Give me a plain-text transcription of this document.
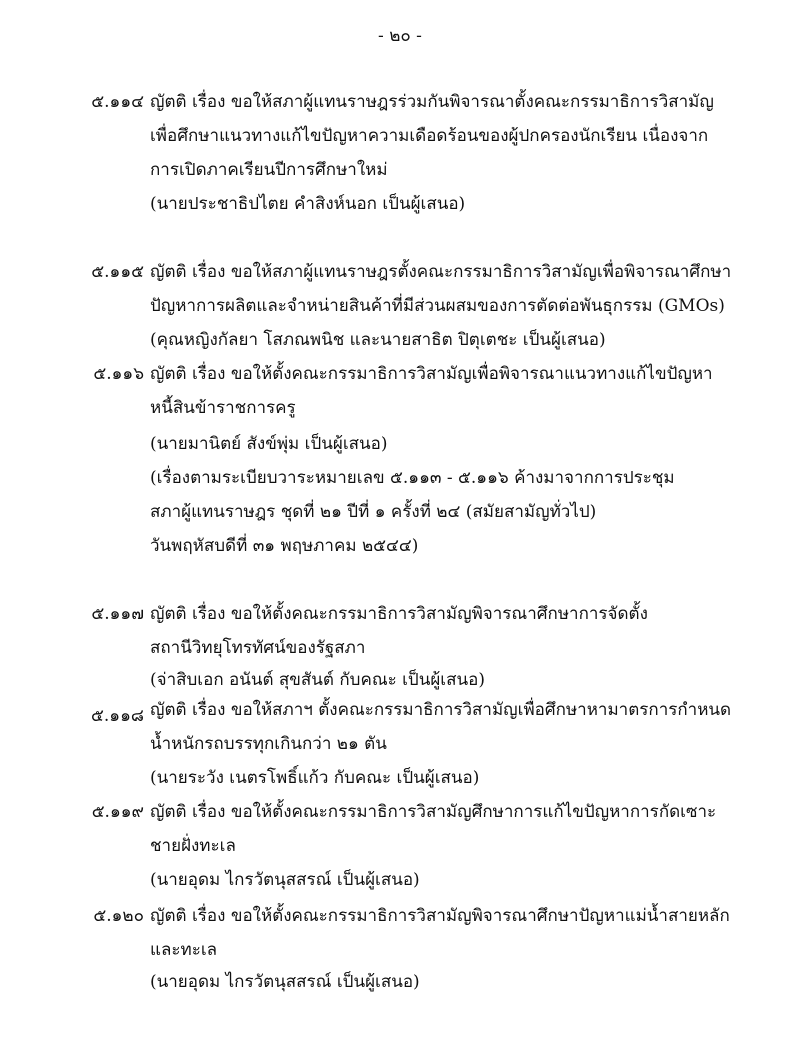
- ๒๐ -
๕.๑๑๔ ญัตติ เรื่อง ขอให้สภาผู้แทนราษฎรร่วมกันพิจารณาตั้งคณะกรรมาธิการวิสามัญ
เพื่อศึกษาแนวทางแก้ไขปัญหาความเดือดร้อนของผู้ปกครองนักเรียน เนื่องจาก
การเปิดภาคเรียนปีการศึกษาใหม่
(นายประชาธิปไตย คำสิงห์นอก เป็นผู้เสนอ)
๕.๑๑๕ ญัตติ เรื่อง ขอให้สภาผู้แทนราษฎรตั้งคณะกรรมาธิการวิสามัญเพื่อพิจารณาศึกษา
ปัญหาการผลิตและจำหน่ายสินค้าที่มีส่วนผสมของการตัดต่อพันธุกรรม (GMOs)
(คุณหญิงกัลยา โสภณพนิช และนายสาธิต ปิตุเตชะ เป็นผู้เสนอ)
๕.๑๑๖ ญัตติ เรื่อง ขอให้ตั้งคณะกรรมาธิการวิสามัญเพื่อพิจารณาแนวทางแก้ไขปัญหา
หนี้สินข้าราชการครู
(นายมานิตย์ สังข์พุ่ม เป็นผู้เสนอ)
(เรื่องตามระเบียบวาระหมายเลข ๕.๑๑๓ - ๕.๑๑๖ ค้างมาจากการประชุม
สภาผู้แทนราษฎร ชุดที่ ๒๑ ปีที่ ๑ ครั้งที่ ๒๔ (สมัยสามัญทั่วไป)
วันพฤหัสบดีที่ ๓๑ พฤษภาคม ๒๕๔๔)
๕.๑๑๗ ญัตติ เรื่อง ขอให้ตั้งคณะกรรมาธิการวิสามัญพิจารณาศึกษาการจัดตั้ง
สถานีวิทยุโทรทัศน์ของรัฐสภา
(จ่าสิบเอก อนันต์ สุขสันต์ กับคณะ เป็นผู้เสนอ)
๕.๑๑๘ ญัตติ เรื่อง ขอให้สภาฯ ตั้งคณะกรรมาธิการวิสามัญเพื่อศึกษาหามาตรการกำหนด
น้ำหนักรถบรรทุกเกินกว่า ๒๑ ตัน
(นายระวัง เนตรโพธิ์แก้ว กับคณะ เป็นผู้เสนอ)
๕.๑๑๙ ญัตติ เรื่อง ขอให้ตั้งคณะกรรมาธิการวิสามัญศึกษาการแก้ไขปัญหาการกัดเซาะ
ชายฝั่งทะเล
(นายอุดม ไกรวัตนุสสรณ์ เป็นผู้เสนอ)
๕.๑๒๐ ญัตติ เรื่อง ขอให้ตั้งคณะกรรมาธิการวิสามัญพิจารณาศึกษาปัญหาแม่น้ำสายหลัก
และทะเล
(นายอุดม ไกรวัตนุสสรณ์ เป็นผู้เสนอ)
